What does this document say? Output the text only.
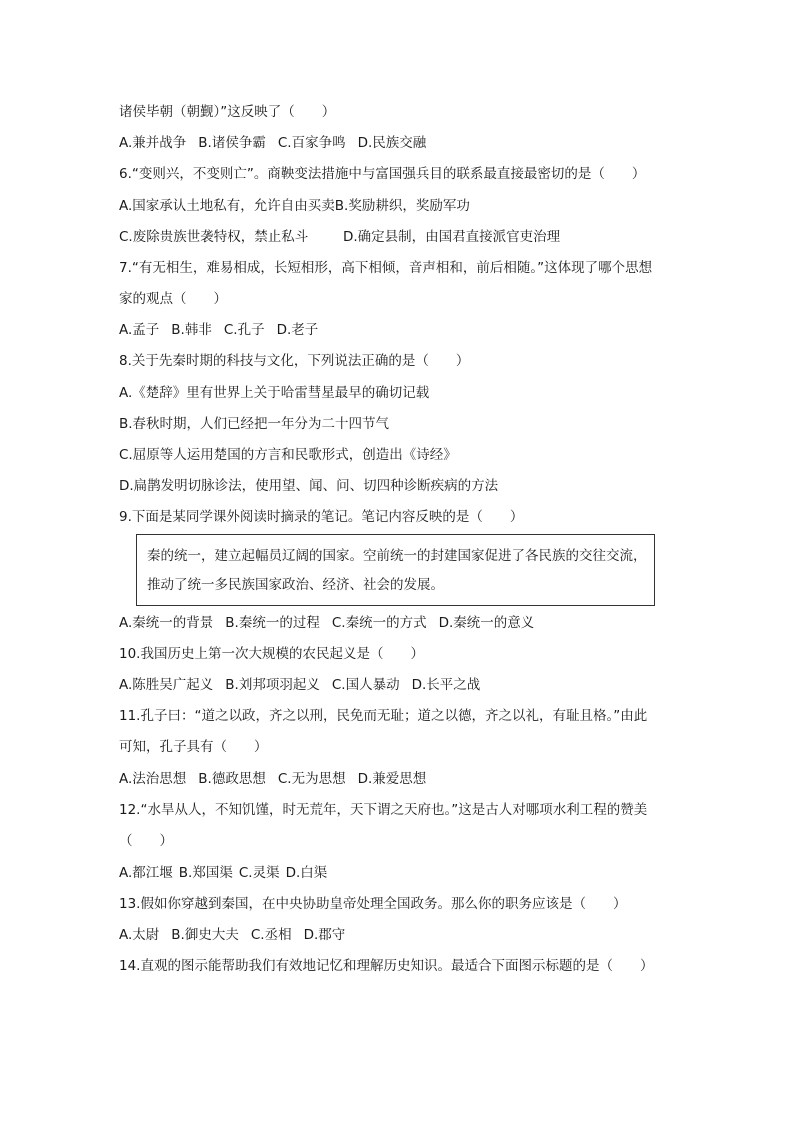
诸侯毕朝（朝觐）”这反映了（　　）
A.兼并战争 B.诸侯争霸 C.百家争鸣 D.民族交融
6.“变则兴，不变则亡”。商鞅变法措施中与富国强兵目的联系最直接最密切的是（　　）
A.国家承认土地私有，允许自由买卖B.奖励耕织，奖励军功
C.废除贵族世袭特权，禁止私斗	D.确定县制，由国君直接派官吏治理
7.“有无相生，难易相成，长短相形，高下相倾，音声相和，前后相随。”这体现了哪个思想
家的观点（　　）
A.孟子 B.韩非 C.孔子 D.老子
8.关于先秦时期的科技与文化，下列说法正确的是（　　）
A.《楚辞》里有世界上关于哈雷彗星最早的确切记载
B.春秋时期，人们已经把一年分为二十四节气
C.屈原等人运用楚国的方言和民歌形式，创造出《诗经》
D.扁鹊发明切脉诊法，使用望、闻、问、切四种诊断疾病的方法
9.下面是某同学课外阅读时摘录的笔记。笔记内容反映的是（　　）
秦的统一，建立起幅员辽阔的国家。空前统一的封建国家促进了各民族的交往交流，
推动了统一多民族国家政治、经济、社会的发展。
A.秦统一的背景 B.秦统一的过程 C.秦统一的方式 D.秦统一的意义
10.我国历史上第一次大规模的农民起义是（　　）
A.陈胜吴广起义 B.刘邦项羽起义 C.国人暴动 D.长平之战
11.孔子曰：“道之以政，齐之以刑，民免而无耻；道之以德，齐之以礼，有耻且格。”由此
可知，孔子具有（　　）
A.法治思想 B.德政思想 C.无为思想 D.兼爱思想
12.“水旱从人，不知饥馑，时无荒年，天下谓之天府也。”这是古人对哪项水利工程的赞美
（　　）
A.都江堰 B.郑国渠 C.灵渠 D.白渠
13.假如你穿越到秦国，在中央协助皇帝处理全国政务。那么你的职务应该是（　　）
A.太尉 B.御史大夫 C.丞相 D.郡守
14.直观的图示能帮助我们有效地记忆和理解历史知识。最适合下面图示标题的是（　　）
